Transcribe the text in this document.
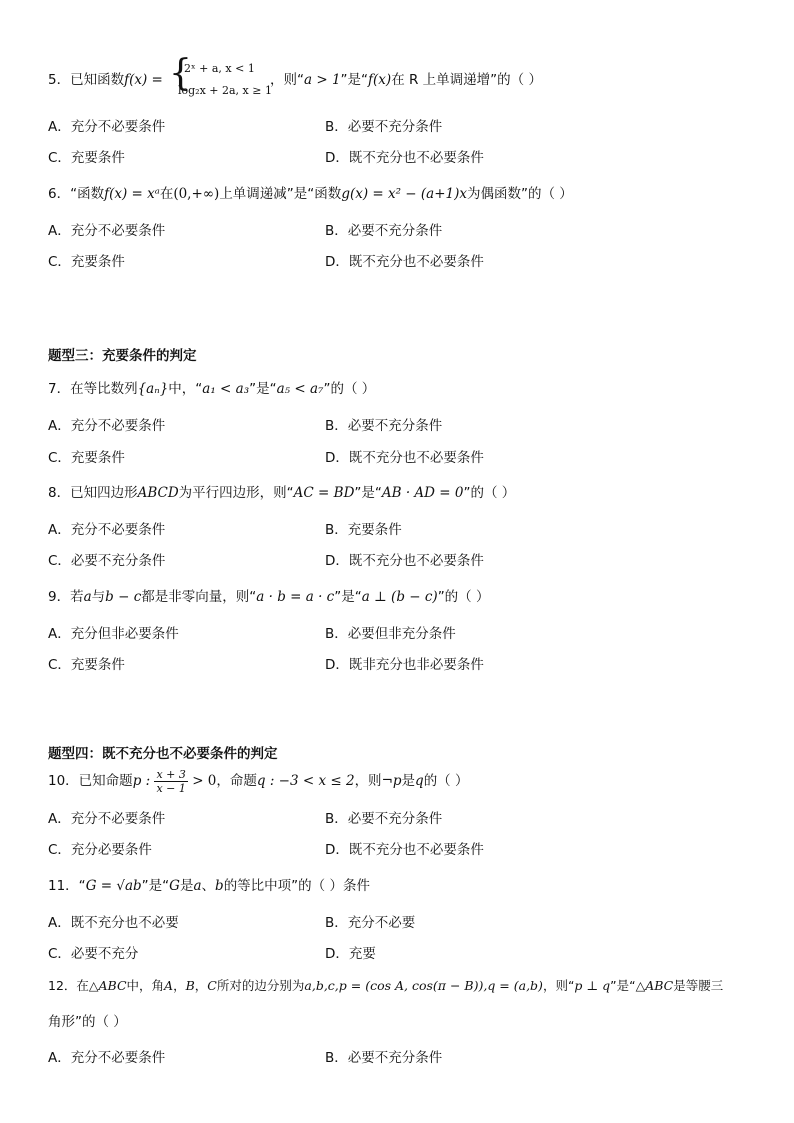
5．已知函数f(x) = {
2ˣ + a, x < 1
log₂x + 2a, x ≥ 1
，则“a > 1”是“f(x)在 R 上单调递增”的（ ）
A．充分不必要条件	B．必要不充分条件
C．充要条件	D．既不充分也不必要条件
6．“函数f(x) = xᵃ在(0,+∞)上单调递减”是“函数g(x) = x² − (a+1)x为偶函数”的（ ）
A．充分不必要条件	B．必要不充分条件
C．充要条件	D．既不充分也不必要条件
题型三：充要条件的判定
7．在等比数列{aₙ}中，“a₁ < a₃”是“a₅ < a₇”的（ ）
A．充分不必要条件	B．必要不充分条件
C．充要条件	D．既不充分也不必要条件
8．已知四边形ABCD为平行四边形，则“AC = BD”是“AB · AD = 0”的（ ）
A．充分不必要条件	B．充要条件
C．必要不充分条件	D．既不充分也不必要条件
9．若a与b − c都是非零向量，则“a · b = a · c”是“a ⊥ (b − c)”的（ ）
A．充分但非必要条件	B．必要但非充分条件
C．充要条件	D．既非充分也非必要条件
题型四：既不充分也不必要条件的判定
10．已知命题p : $\frac{x + 3}{x - 1} > 0$，命题q : −3 < x ≤ 2，则¬p是q的（ ）
A．充分不必要条件	B．必要不充分条件
C．充分必要条件	D．既不充分也不必要条件
11．“G = √ab”是“G是a、b的等比中项”的（ ）条件
A．既不充分也不必要	B．充分不必要
C．必要不充分	D．充要
12．在△ABC中，角A，B，C所对的边分别为a,b,c,p = (cos A, cos(π − B)),q = (a,b)，则“p ⊥ q”是“△ABC是等腰三
角形”的（ ）
A．充分不必要条件	B．必要不充分条件
